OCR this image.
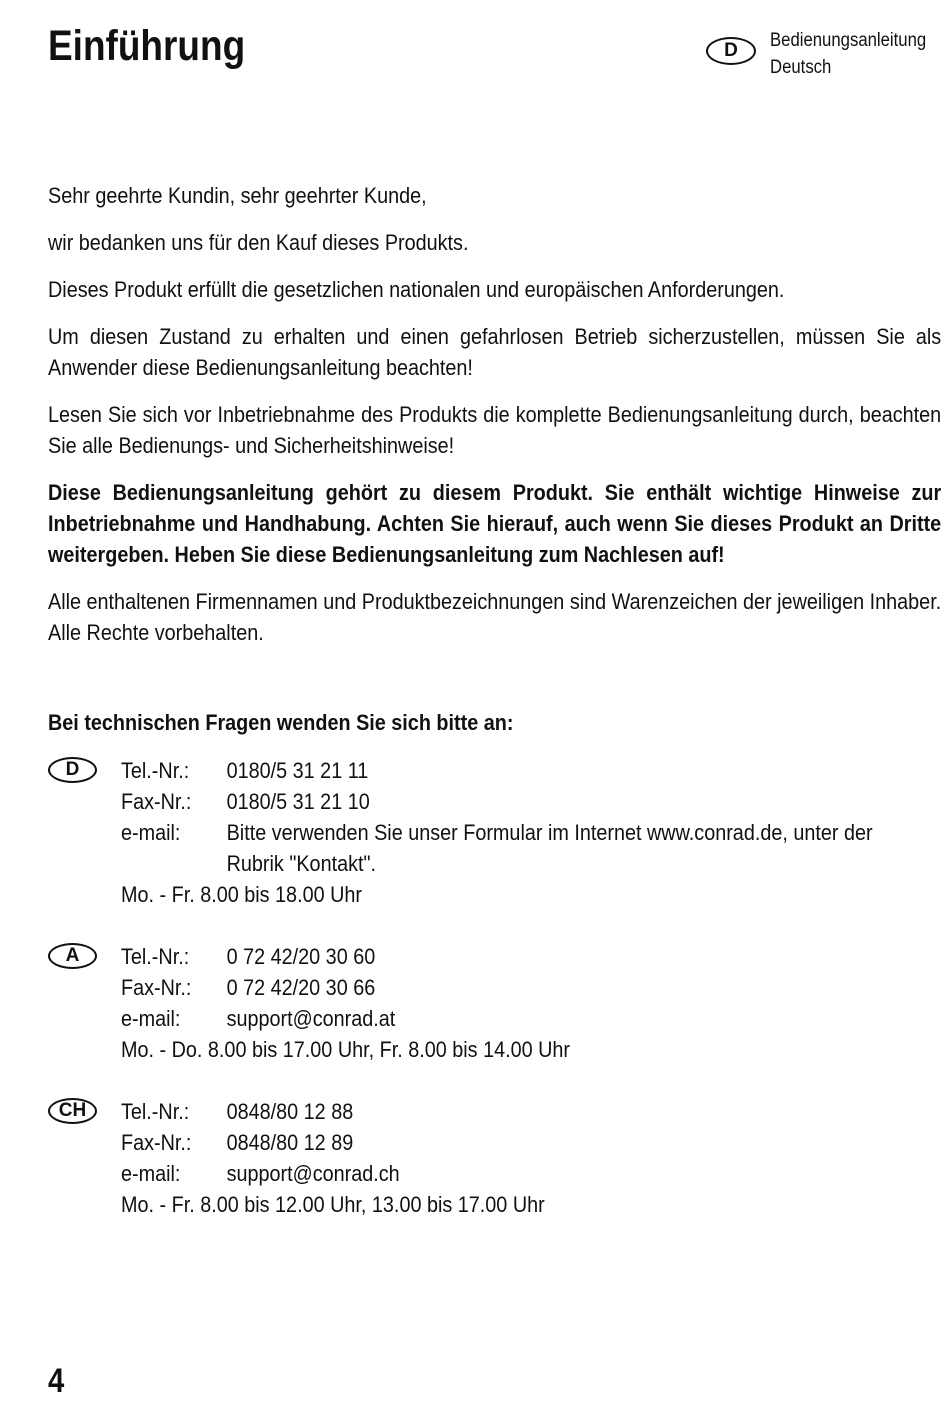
Einführung	D	Bedienungsanleitung
Deutsch

Sehr geehrte Kundin, sehr geehrter Kunde,

wir bedanken uns für den Kauf dieses Produkts.

Dieses Produkt erfüllt die gesetzlichen nationalen und europäischen Anforderungen.

Um diesen Zustand zu erhalten und einen gefahrlosen Betrieb sicherzustellen, müssen Sie als Anwender diese Bedienungsanleitung beachten!

Lesen Sie sich vor Inbetriebnahme des Produkts die komplette Bedienungsanleitung durch, beachten Sie alle Bedienungs- und Sicherheitshinweise!

Diese Bedienungsanleitung gehört zu diesem Produkt. Sie enthält wichtige Hinweise zur Inbetriebnahme und Handhabung. Achten Sie hierauf, auch wenn Sie dieses Produkt an Dritte weitergeben. Heben Sie diese Bedienungsanleitung zum Nachlesen auf!

Alle enthaltenen Firmennamen und Produktbezeichnungen sind Warenzeichen der jeweiligen Inhaber. Alle Rechte vorbehalten.

Bei technischen Fragen wenden Sie sich bitte an:
D	Tel.-Nr.:	0180/5 31 21 11
Fax-Nr.:	0180/5 31 21 10
e-mail:	Bitte verwenden Sie unser Formular im Internet www.conrad.de, unter der
Rubrik "Kontakt".
Mo. - Fr. 8.00 bis 18.00 Uhr
A	Tel.-Nr.:	0 72 42/20 30 60
Fax-Nr.:	0 72 42/20 30 66
e-mail:	support@conrad.at
Mo. - Do. 8.00 bis 17.00 Uhr, Fr. 8.00 bis 14.00 Uhr
CH	Tel.-Nr.:	0848/80 12 88
Fax-Nr.:	0848/80 12 89
e-mail:	support@conrad.ch
Mo. - Fr. 8.00 bis 12.00 Uhr, 13.00 bis 17.00 Uhr
4
